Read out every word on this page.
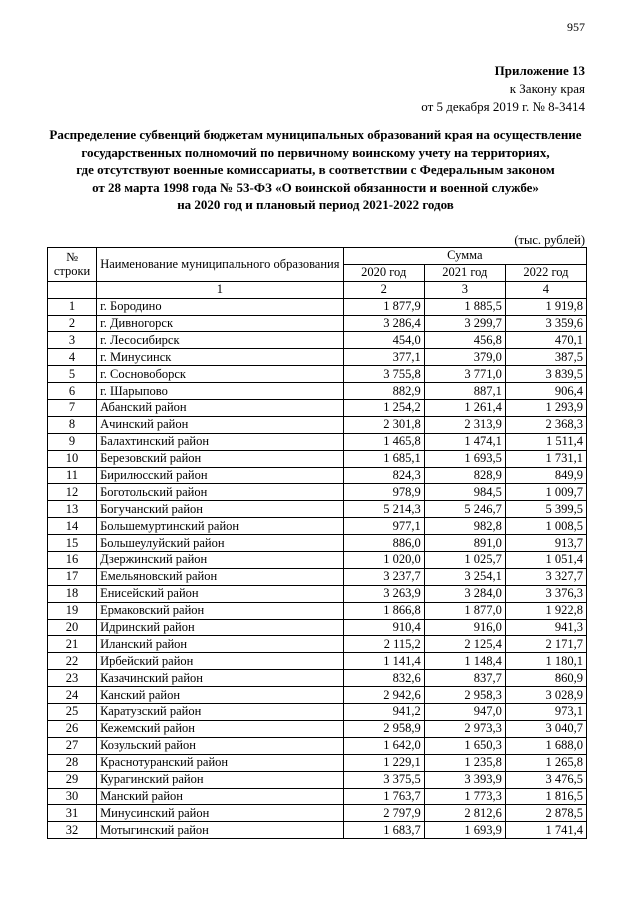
957
Приложение 13
к Закону края
от 5 декабря 2019 г. № 8-3414
Распределение субвенций бюджетам муниципальных образований края на осуществление
государственных полномочий по первичному воинскому учету на территориях,
где отсутствуют военные комиссариаты, в соответствии с Федеральным законом
от 28 марта 1998 года № 53-ФЗ «О воинской обязанности и военной службе»
на 2020 год и плановый период 2021-2022 годов
(тыс. рублей)
№ строки	Наименование муниципального образования	Сумма		
		2020 год	2021 год	2022 год
	1	2	3	4
1	г. Бородино	1 877,9	1 885,5	1 919,8
2	г. Дивногорск	3 286,4	3 299,7	3 359,6
3	г. Лесосибирск	454,0	456,8	470,1
4	г. Минусинск	377,1	379,0	387,5
5	г. Сосновоборск	3 755,8	3 771,0	3 839,5
6	г. Шарыпово	882,9	887,1	906,4
7	Абанский район	1 254,2	1 261,4	1 293,9
8	Ачинский район	2 301,8	2 313,9	2 368,3
9	Балахтинский район	1 465,8	1 474,1	1 511,4
10	Березовский район	1 685,1	1 693,5	1 731,1
11	Бирилюсский район	824,3	828,9	849,9
12	Боготольский район	978,9	984,5	1 009,7
13	Богучанский район	5 214,3	5 246,7	5 399,5
14	Большемуртинский район	977,1	982,8	1 008,5
15	Большеулуйский район	886,0	891,0	913,7
16	Дзержинский район	1 020,0	1 025,7	1 051,4
17	Емельяновский район	3 237,7	3 254,1	3 327,7
18	Енисейский район	3 263,9	3 284,0	3 376,3
19	Ермаковский район	1 866,8	1 877,0	1 922,8
20	Идринский район	910,4	916,0	941,3
21	Иланский район	2 115,2	2 125,4	2 171,7
22	Ирбейский район	1 141,4	1 148,4	1 180,1
23	Казачинский район	832,6	837,7	860,9
24	Канский район	2 942,6	2 958,3	3 028,9
25	Каратузский район	941,2	947,0	973,1
26	Кежемский район	2 958,9	2 973,3	3 040,7
27	Козульский район	1 642,0	1 650,3	1 688,0
28	Краснотуранский район	1 229,1	1 235,8	1 265,8
29	Курагинский район	3 375,5	3 393,9	3 476,5
30	Манский район	1 763,7	1 773,3	1 816,5
31	Минусинский район	2 797,9	2 812,6	2 878,5
32	Мотыгинский район	1 683,7	1 693,9	1 741,4
